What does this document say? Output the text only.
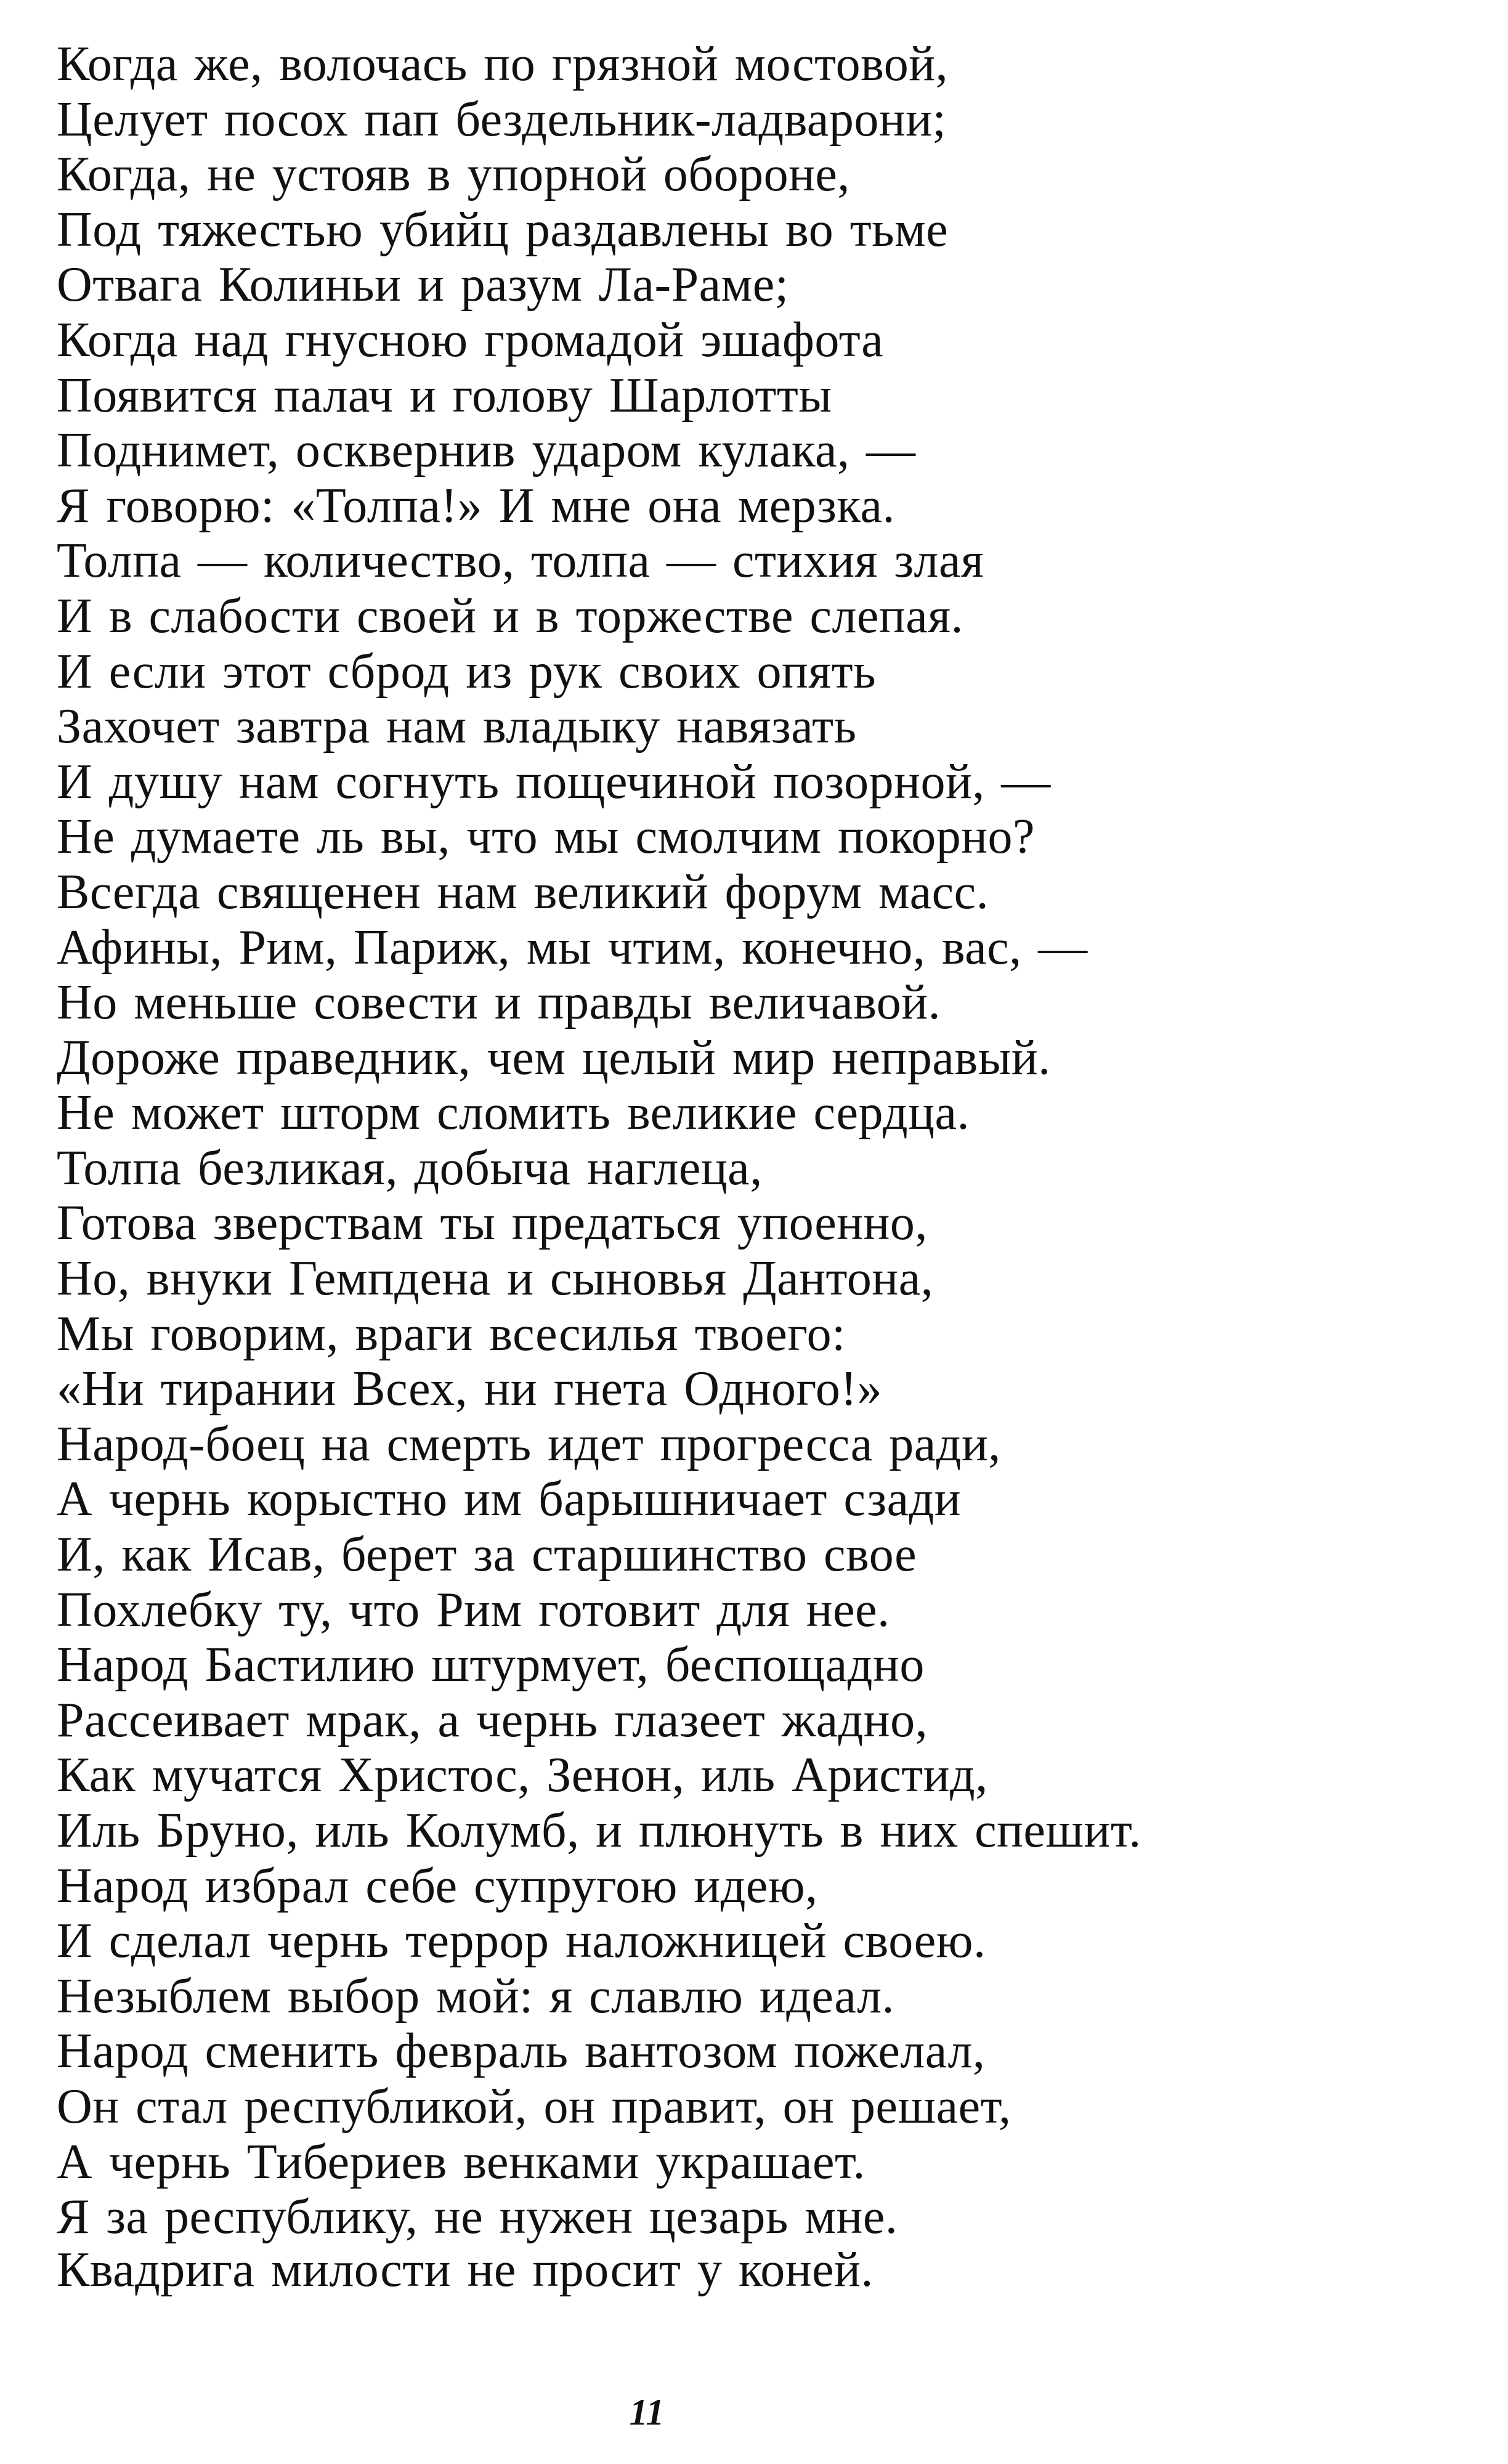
Когда же, волочась по грязной мостовой,
Целует посох пап бездельник-ладварони;
Когда, не устояв в упорной обороне,
Под тяжестью убийц раздавлены во тьме
Отвага Колиньи и разум Ла-Раме;
Когда над гнусною громадой эшафота
Появится палач и голову Шарлотты
Поднимет, осквернив ударом кулака, —
Я говорю: «Толпа!» И мне она мерзка.
Толпа — количество, толпа — стихия злая
И в слабости своей и в торжестве слепая.
И если этот сброд из рук своих опять
Захочет завтра нам владыку навязать
И душу нам согнуть пощечиной позорной, —
Не думаете ль вы, что мы смолчим покорно?
Всегда священен нам великий форум масс.
Афины, Рим, Париж, мы чтим, конечно, вас, —
Но меньше совести и правды величавой.
Дороже праведник, чем целый мир неправый.
Не может шторм сломить великие сердца.
Толпа безликая, добыча наглеца,
Готова зверствам ты предаться упоенно,
Но, внуки Гемпдена и сыновья Дантона,
Мы говорим, враги всесилья твоего:
«Ни тирании Всех, ни гнета Одного!»
Народ-боец на смерть идет прогресса ради,
А чернь корыстно им барышничает сзади
И, как Исав, берет за старшинство свое
Похлебку ту, что Рим готовит для нее.
Народ Бастилию штурмует, беспощадно
Рассеивает мрак, а чернь глазеет жадно,
Как мучатся Христос, Зенон, иль Аристид,
Иль Бруно, иль Колумб, и плюнуть в них спешит.
Народ избрал себе супругою идею,
И сделал чернь террор наложницей своею.
Незыблем выбор мой: я славлю идеал.
Народ сменить февраль вантозом пожелал,
Он стал республикой, он правит, он решает,
А чернь Тибериев венками украшает.
Я за республику, не нужен цезарь мне.
Квадрига милости не просит у коней.
11
